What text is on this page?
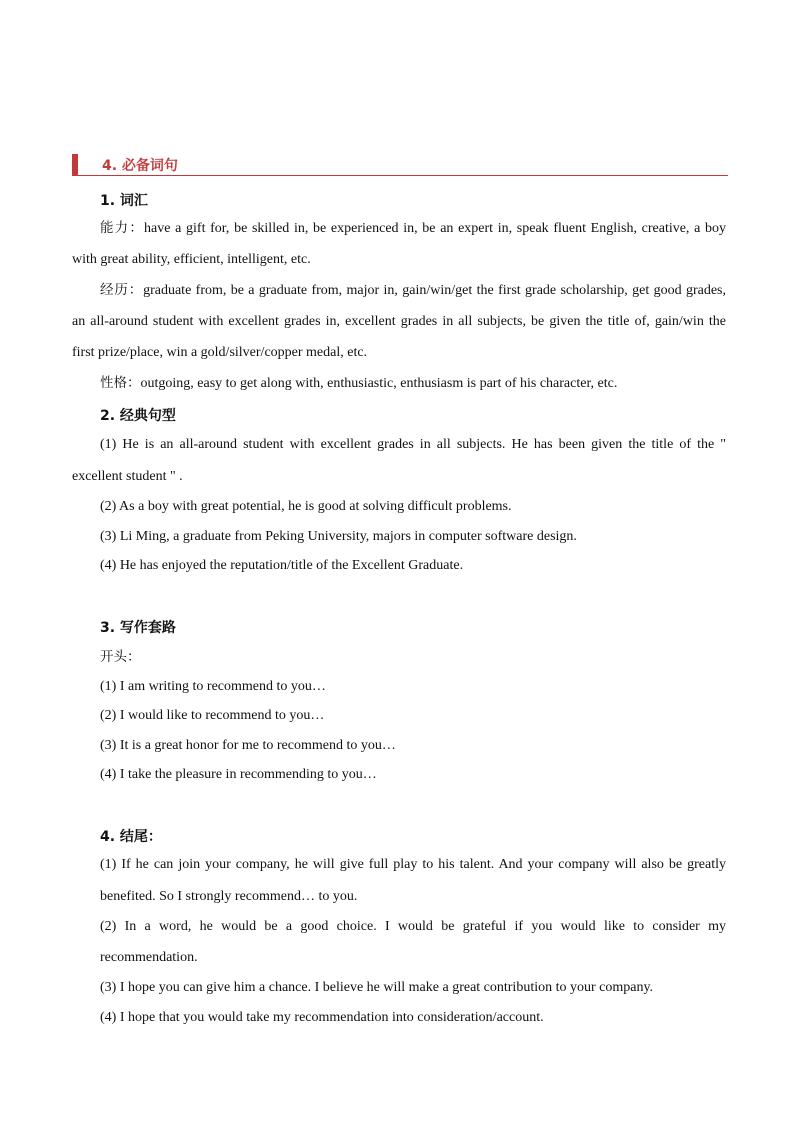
4. 必备词句
1. 词汇
能力：have a gift for, be skilled in, be experienced in, be an expert in, speak fluent English, creative, a boy
with great ability, efficient, intelligent, etc.
经历：graduate from, be a graduate from, major in, gain/win/get the first grade scholarship, get good grades,
an all-around student with excellent grades in, excellent grades in all subjects, be given the title of, gain/win the
first prize/place, win a gold/silver/copper medal, etc.
性格：outgoing, easy to get along with, enthusiastic, enthusiasm is part of his character, etc.
2. 经典句型
(1) He is an all-around student with excellent grades in all subjects. He has been given the title of the "
excellent student " .
(2) As a boy with great potential, he is good at solving difficult problems.
(3) Li Ming, a graduate from Peking University, majors in computer software design.
(4) He has enjoyed the reputation/title of the Excellent Graduate.
3. 写作套路
开头：
(1) I am writing to recommend to you…
(2) I would like to recommend to you…
(3) It is a great honor for me to recommend to you…
(4) I take the pleasure in recommending to you…
4. 结尾：
(1) If he can join your company, he will give full play to his talent. And your company will also be greatly
benefited. So I strongly recommend… to you.
(2) In a word, he would be a good choice. I would be grateful if you would like to consider my
recommendation.
(3) I hope you can give him a chance. I believe he will make a great contribution to your company.
(4) I hope that you would take my recommendation into consideration/account.
